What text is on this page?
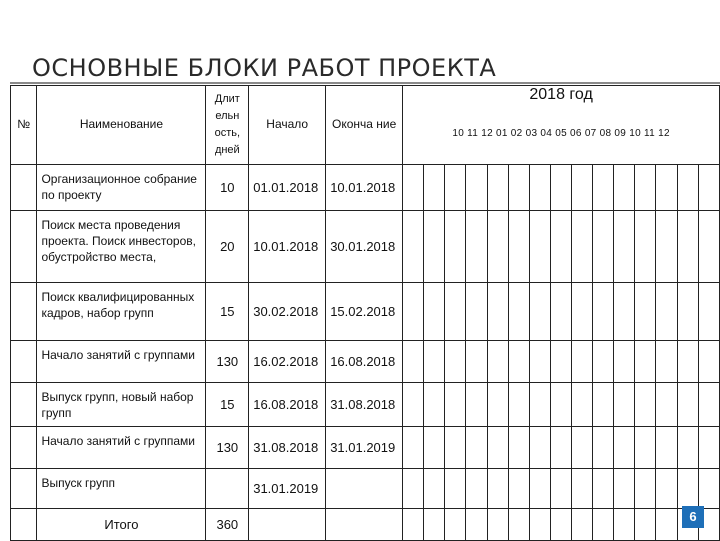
ОСНОВНЫЕ БЛОКИ РАБОТ ПРОЕКТА
№	Наименование	Длит ельн ость, дней	Начало	Оконча ние	2018 год														
					10 11 12 01 02 03 04 05 06 07 08 09 10 11 12														

	Организационное собрание по проекту	10	01.01.2018	10.01.2018															

	Поиск места проведения проекта. Поиск инвесторов, обустройство места,	20	10.01.2018	30.01.2018															

	Поиск квалифицированных кадров, набор групп	15	30.02.2018	15.02.2018															

	Начало занятий с группами	130	16.02.2018	16.08.2018															

	Выпуск групп, новый набор групп	15	16.08.2018	31.08.2018															

	Начало занятий с группами	130	31.08.2018	31.01.2019															

	Выпуск групп		31.01.2019																
	Итого	360																		6
